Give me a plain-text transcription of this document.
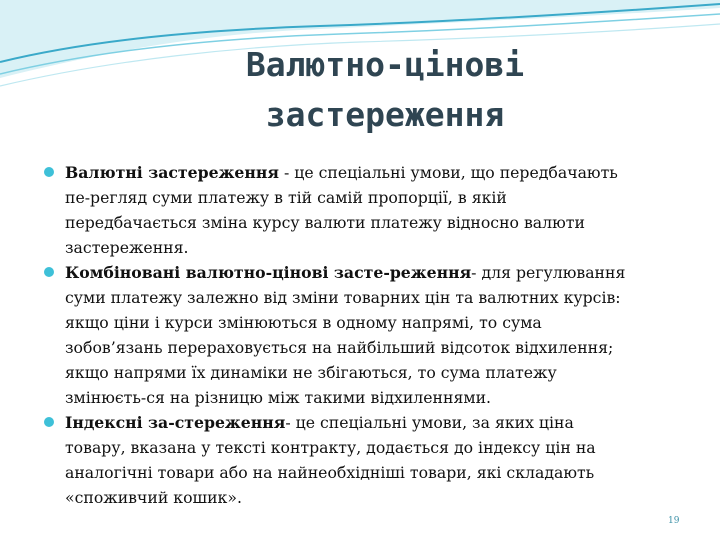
Валютно-цінові
застереження
Валютні застереження - це спеціальні умови, що передбачають
пе-регляд суми платежу в тій самій пропорції, в якій
передбачається зміна курсу валюти платежу відносно валюти
застереження.
Комбіновані валютно-цінові засте-реження- для регулювання
суми платежу залежно від зміни товарних цін та валютних курсів:
якщо ціни і курси змінюються в одному напрямі, то сума
зобов’язань перераховується на найбільший відсоток відхилення;
якщо напрями їх динаміки не збігаються, то сума платежу
змінюєть-ся на різницю між такими відхиленнями.
Індексні за-стереження- це спеціальні умови, за яких ціна
товару, вказана у тексті контракту, додається до індексу цін на
аналогічні товари або на найнеобхідніші товари, які складають
«споживчий кошик».
19
